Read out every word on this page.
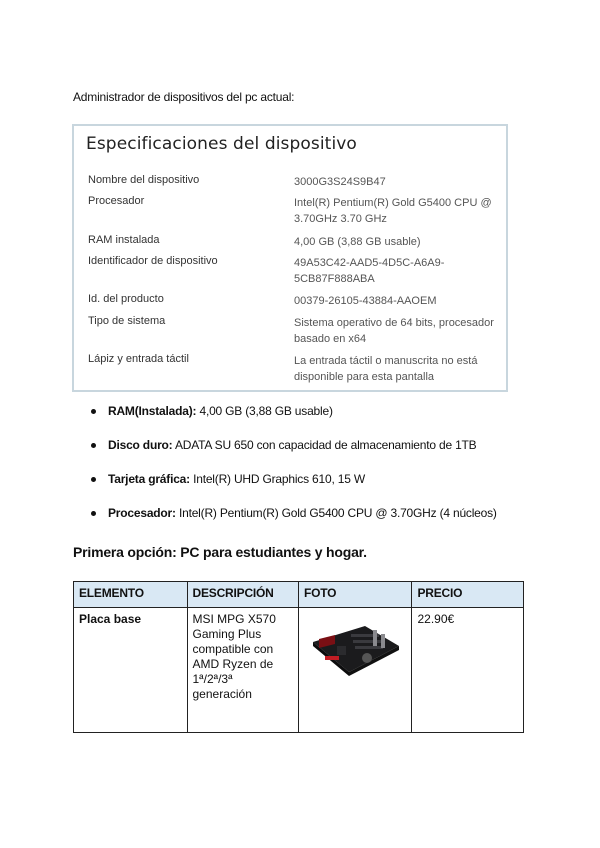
Administrador de dispositivos del pc actual:
Especificaciones del dispositivo
Nombre del dispositivo	3000G3S24S9B47
Procesador	Intel(R) Pentium(R) Gold G5400 CPU @ 3.70GHz 3.70 GHz
RAM instalada	4,00 GB (3,88 GB usable)
Identificador de dispositivo	49A53C42-AAD5-4D5C-A6A9-5CB87F888ABA
Id. del producto	00379-26105-43884-AAOEM
Tipo de sistema	Sistema operativo de 64 bits, procesador basado en x64
Lápiz y entrada táctil	La entrada táctil o manuscrita no está disponible para esta pantalla
RAM(Instalada): 4,00 GB (3,88 GB usable)
Disco duro: ADATA SU 650 con capacidad de almacenamiento de 1TB
Tarjeta gráfica: Intel(R) UHD Graphics 610, 15 W
Procesador: Intel(R) Pentium(R) Gold G5400 CPU @ 3.70GHz (4 núcleos)
Primera opción: PC para estudiantes y hogar.
ELEMENTO	DESCRIPCIÓN	FOTO	PRECIO
Placa base	MSI MPG X570 Gaming Plus compatible con AMD Ryzen de 1ª/2ª/3ª generación		22.90€
